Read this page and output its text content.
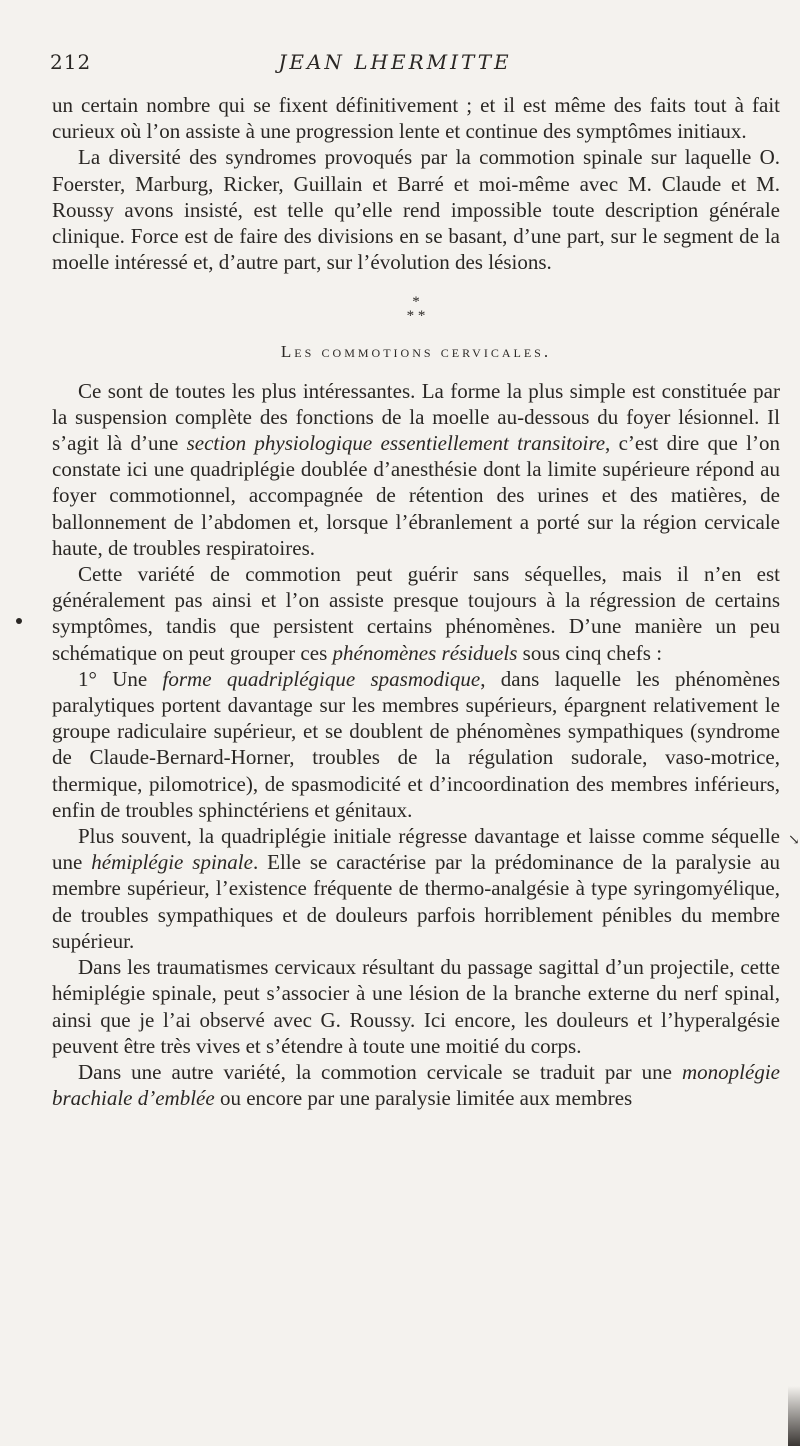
212	JEAN LHERMITTE

un certain nombre qui se fixent définitivement ; et il est même des faits tout à fait curieux où l’on assiste à une progression lente et continue des symptômes initiaux.

La diversité des syndromes provoqués par la commotion spinale sur laquelle O. Foerster, Marburg, Ricker, Guillain et Barré et moi-même avec M. Claude et M. Roussy avons insisté, est telle qu’elle rend impossible toute description générale clinique. Force est de faire des divisions en se basant, d’une part, sur le segment de la moelle intéressé et, d’autre part, sur l’évolution des lésions.

*
* *
Les commotions cervicales.

Ce sont de toutes les plus intéressantes. La forme la plus simple est constituée par la suspension complète des fonctions de la moelle au-dessous du foyer lésionnel. Il s’agit là d’une section physiologique essentiellement transitoire, c’est dire que l’on constate ici une quadriplégie doublée d’anesthésie dont la limite supérieure répond au foyer commotionnel, accompagnée de rétention des urines et des matières, de ballonnement de l’abdomen et, lorsque l’ébranlement a porté sur la région cervicale haute, de troubles respiratoires.

Cette variété de commotion peut guérir sans séquelles, mais il n’en est généralement pas ainsi et l’on assiste presque toujours à la régression de certains symptômes, tandis que persistent certains phénomènes. D’une manière un peu schématique on peut grouper ces phénomènes résiduels sous cinq chefs :

1° Une forme quadriplégique spasmodique, dans laquelle les phénomènes paralytiques portent davantage sur les membres supérieurs, épargnent relativement le groupe radiculaire supérieur, et se doublent de phénomènes sympathiques (syndrome de Claude-Bernard-Horner, troubles de la régulation sudorale, vaso-motrice, thermique, pilomotrice), de spasmodicité et d’incoordination des membres inférieurs, enfin de troubles sphinctériens et génitaux.

Plus souvent, la quadriplégie initiale régresse davantage et laisse comme séquelle une hémiplégie spinale. Elle se caractérise par la prédominance de la paralysie au membre supérieur, l’existence fréquente de thermo-analgésie à type syringomyélique, de troubles sympathiques et de douleurs parfois horriblement pénibles du membre supérieur.

Dans les traumatismes cervicaux résultant du passage sagittal d’un projectile, cette hémiplégie spinale, peut s’associer à une lésion de la branche externe du nerf spinal, ainsi que je l’ai observé avec G. Roussy. Ici encore, les douleurs et l’hyperalgésie peuvent être très vives et s’étendre à toute une moitié du corps.

Dans une autre variété, la commotion cervicale se traduit par une monoplégie brachiale d’emblée ou encore par une paralysie limitée aux membres

↘
